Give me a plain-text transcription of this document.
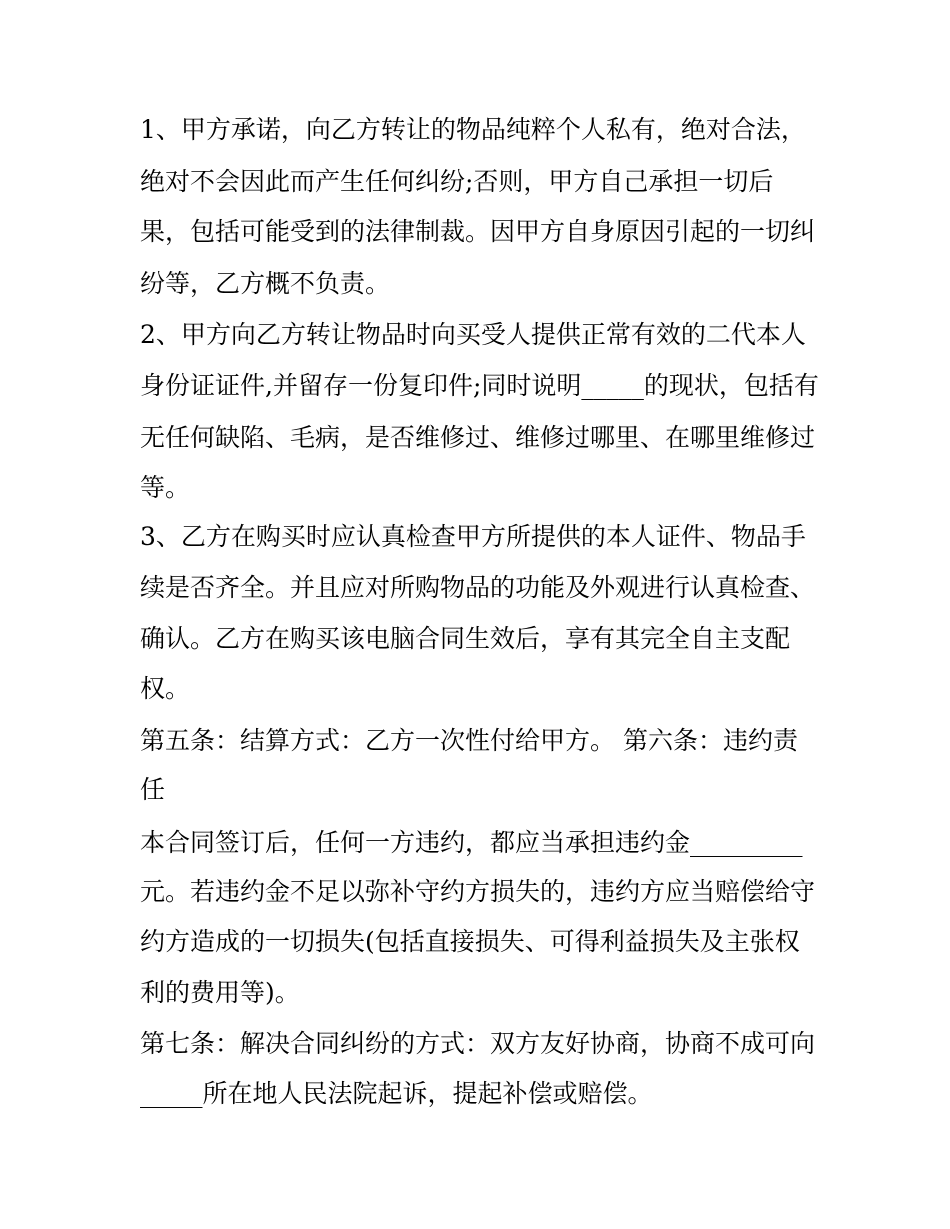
1、甲方承诺，向乙方转让的物品纯粹个人私有，绝对合法，
绝对不会因此而产生任何纠纷;否则，甲方自己承担一切后
果，包括可能受到的法律制裁。因甲方自身原因引起的一切纠
纷等，乙方概不负责。
2、甲方向乙方转让物品时向买受人提供正常有效的二代本人
身份证证件,并留存一份复印件;同时说明_____的现状，包括有
无任何缺陷、毛病，是否维修过、维修过哪里、在哪里维修过
等。
3、乙方在购买时应认真检查甲方所提供的本人证件、物品手
续是否齐全。并且应对所购物品的功能及外观进行认真检查、
确认。乙方在购买该电脑合同生效后，享有其完全自主支配
权。
第五条：结算方式：乙方一次性付给甲方。 第六条：违约责
任
本合同签订后，任何一方违约，都应当承担违约金_________
元。若违约金不足以弥补守约方损失的，违约方应当赔偿给守
约方造成的一切损失(包括直接损失、可得利益损失及主张权
利的费用等)。
第七条：解决合同纠纷的方式：双方友好协商，协商不成可向
_____所在地人民法院起诉，提起补偿或赔偿。
